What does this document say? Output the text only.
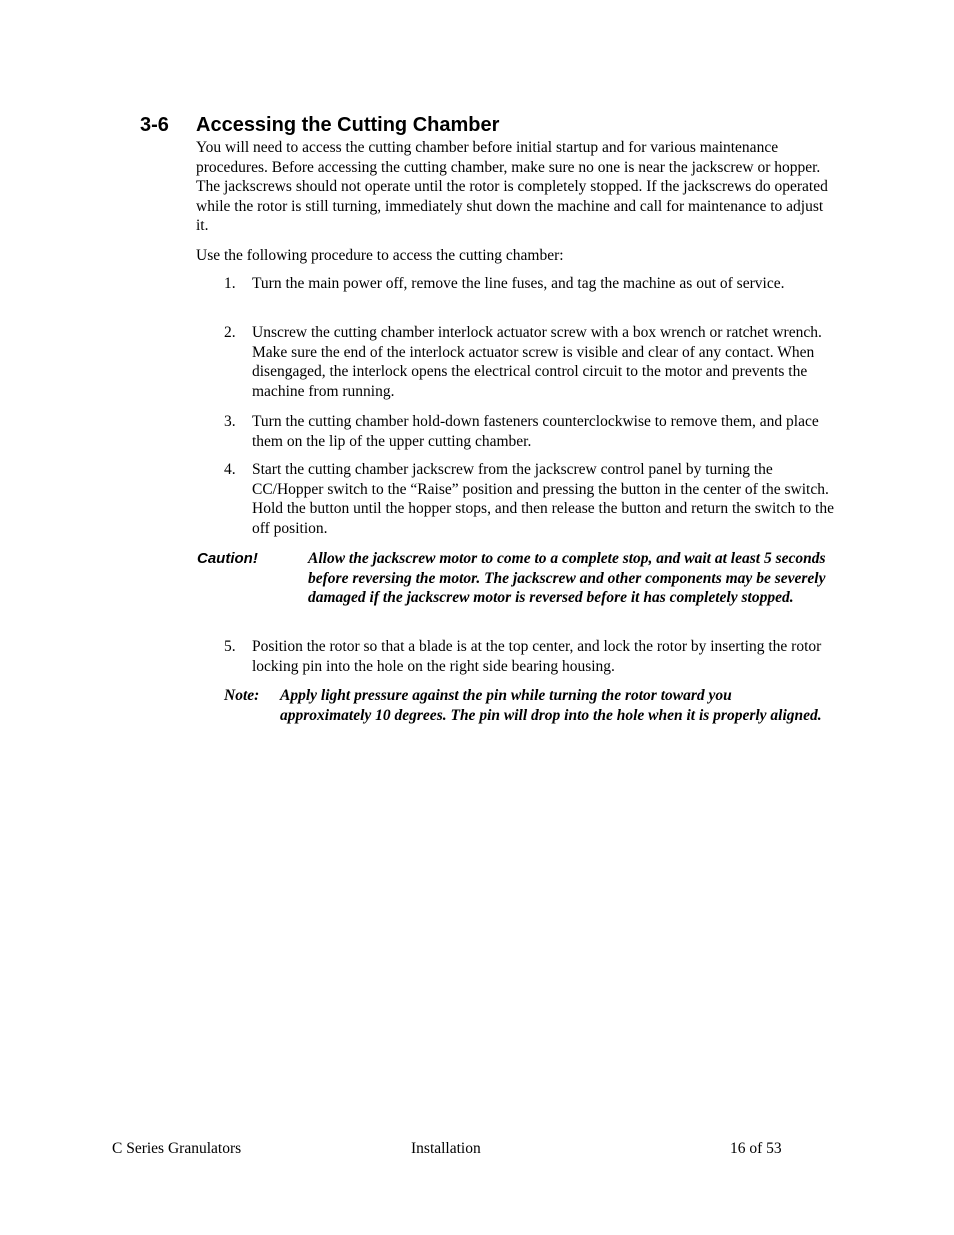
3-6 Accessing the Cutting Chamber

You will need to access the cutting chamber before initial startup and for various maintenance procedures. Before accessing the cutting chamber, make sure no one is near the jackscrew or hopper. The jackscrews should not operate until the rotor is completely stopped. If the jackscrews do operated while the rotor is still turning, immediately shut down the machine and call for maintenance to adjust it.

Use the following procedure to access the cutting chamber:

1. Turn the main power off, remove the line fuses, and tag the machine as out of service.
2. Unscrew the cutting chamber interlock actuator screw with a box wrench or ratchet wrench. Make sure the end of the interlock actuator screw is visible and clear of any contact. When disengaged, the interlock opens the electrical control circuit to the motor and prevents the machine from running.
3. Turn the cutting chamber hold-down fasteners counterclockwise to remove them, and place them on the lip of the upper cutting chamber.
4. Start the cutting chamber jackscrew from the jackscrew control panel by turning the CC/Hopper switch to the “Raise” position and pressing the button in the center of the switch. Hold the button until the hopper stops, and then release the button and return the switch to the off position.
Caution!	Allow the jackscrew motor to come to a complete stop, and wait at least 5 seconds before reversing the motor. The jackscrew and other components may be severely damaged if the jackscrew motor is reversed before it has completely stopped.
5. Position the rotor so that a blade is at the top center, and lock the rotor by inserting the rotor locking pin into the hole on the right side bearing housing.
Note: Apply light pressure against the pin while turning the rotor toward you approximately 10 degrees. The pin will drop into the hole when it is properly aligned.
C Series Granulators	Installation	16 of 53
